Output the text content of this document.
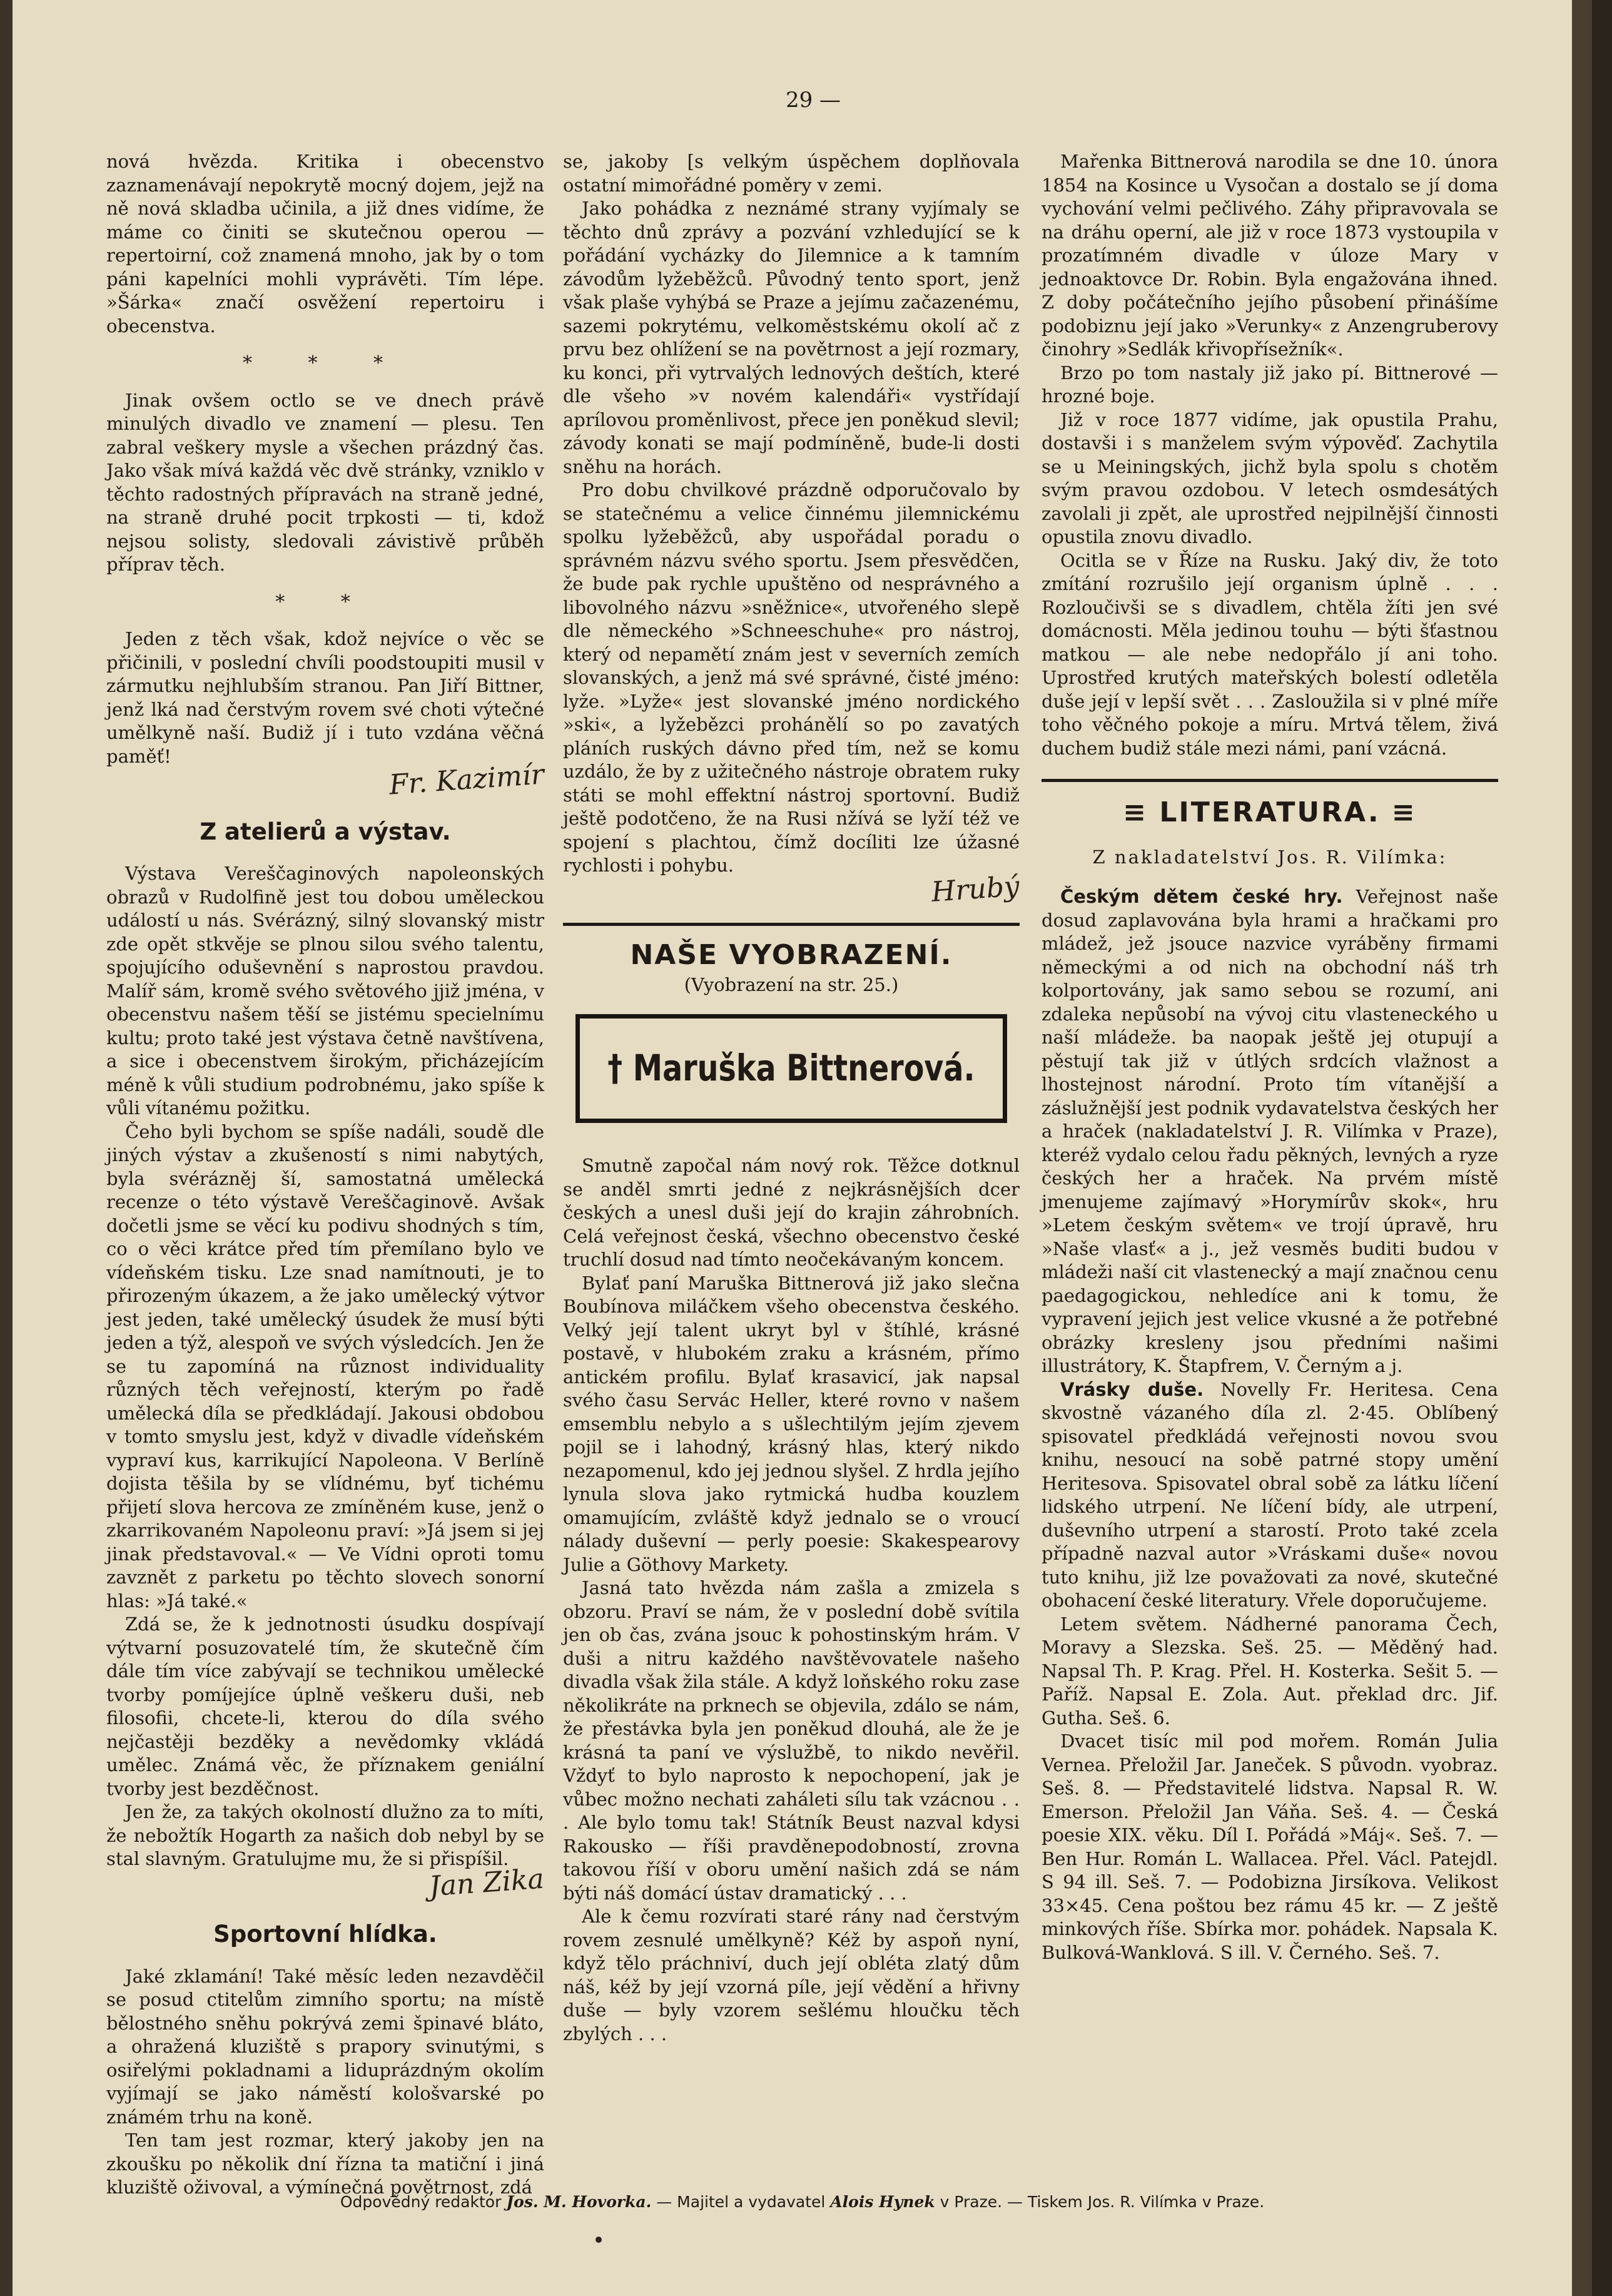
29 —

nová hvězda. Kritika i obecenstvo zaznamenávají nepokrytě mocný dojem, jejž na ně nová skladba učinila, a již dnes vidíme, že máme co činiti se skutečnou operou — repertoirní, což znamená mnoho, jak by o tom páni kapelníci mohli vyprávěti. Tím lépe. »Šárka« značí osvěžení repertoiru i obecenstva.

* * *

Jinak ovšem octlo se ve dnech právě minulých divadlo ve znamení — plesu. Ten zabral veškery mysle a všechen prázdný čas. Jako však mívá každá věc dvě stránky, vzniklo v těchto radostných přípravách na straně jedné, na straně druhé pocit trpkosti — ti, kdož nejsou solisty, sledovali závistivě průběh příprav těch.

* *

Jeden z těch však, kdož nejvíce o věc se přičinili, v poslední chvíli poodstoupiti musil v zármutku nejhlubším stranou. Pan Jiří Bittner, jenž lká nad čerstvým rovem své choti výtečné umělkyně naší. Budiž jí i tuto vzdána věčná paměť!

Fr. Kazimír
Z atelierů a výstav.

Výstava Vereščaginových napoleonských obrazů v Rudolfině jest tou dobou uměleckou událostí u nás. Svérázný, silný slovanský mistr zde opět stkvěje se plnou silou svého talentu, spojujícího oduševnění s naprostou pravdou. Malíř sám, kromě svého světového jjiž jména, v obecenstvu našem těší se jistému specielnímu kultu; proto také jest výstava četně navštívena, a sice i obecenstvem širokým, přicházejícím méně k vůli studium podrobnému, jako spíše k vůli vítanému požitku.

Čeho byli bychom se spíše nadáli, soudě dle jiných výstav a zkušeností s nimi nabytých, byla svérázněj ší, samostatná umělecká recenze o této výstavě Vereščaginově. Avšak dočetli jsme se věcí ku podivu shodných s tím, co o věci krátce před tím přemílano bylo ve vídeňském tisku. Lze snad namítnouti, je to přirozeným úkazem, a že jako umělecký výtvor jest jeden, také umělecký úsudek že musí býti jeden a týž, alespoň ve svých výsledcích. Jen že se tu zapomíná na různost individuality různých těch veřejností, kterým po řadě umělecká díla se předkládají. Jakousi obdobou v tomto smyslu jest, když v divadle vídeňském vypraví kus, karrikující Napoleona. V Berlíně dojista těšila by se vlídnému, byť tichému přijetí slova hercova ze zmíněném kuse, jenž o zkarrikovaném Napoleonu praví: »Já jsem si jej jinak představoval.« — Ve Vídni oproti tomu zavznět z parketu po těchto slovech sonorní hlas: »Já také.«

Zdá se, že k jednotnosti úsudku dospívají výtvarní posuzovatelé tím, že skutečně čím dále tím více zabývají se technikou umělecké tvorby pomíjejíce úplně veškeru duši, neb filosofii, chcete-li, kterou do díla svého nejčastěji bezděky a nevědomky vkládá umělec. Známá věc, že příznakem geniální tvorby jest bezděčnost.

Jen že, za takých okolností dlužno za to míti, že nebožtík Hogarth za našich dob nebyl by se stal slavným. Gratulujme mu, že si přispíšil.

Jan Zika
Sportovní hlídka.

Jaké zklamání! Také měsíc leden nezavděčil se posud ctitelům zimního sportu; na místě bělostného sněhu pokrývá zemi špinavé bláto, a ohražená kluziště s prapory svinutými, s osiřelými pokladnami a liduprázdným okolím vyjímají se jako náměstí kološvarské po známém trhu na koně.

Ten tam jest rozmar, který jakoby jen na zkoušku po několik dní řízna ta matiční i jiná kluziště oživoval, a výmínečná povětrnost, zdá

se, jakoby [s velkým úspěchem doplňovala ostatní mimořádné poměry v zemi.

Jako pohádka z neznámé strany vyjímaly se těchto dnů zprávy a pozvání vzhledující se k pořádání vycházky do Jilemnice a k tamním závodům lyžeběžců. Původný tento sport, jenž však plaše vyhýbá se Praze a jejímu začazenému, sazemi pokrytému, velkoměstskému okolí ač z prvu bez ohlížení se na povětrnost a její rozmary, ku konci, při vytrvalých lednových deštích, které dle všeho »v novém kalendáři« vystřídají aprílovou proměnlivost, přece jen poněkud slevil; závody konati se mají podmíněně, bude-li dosti sněhu na horách.

Pro dobu chvilkové prázdně odporučovalo by se statečnému a velice činnému jilemnickému spolku lyžeběžců, aby uspořádal poradu o správném názvu svého sportu. Jsem přesvědčen, že bude pak rychle upuštěno od nesprávného a libovolného názvu »sněžnice«, utvořeného slepě dle německého »Schneeschuhe« pro nástroj, který od nepamětí znám jest v severních zemích slovanských, a jenž má své správné, čisté jméno: lyže. »Lyže« jest slovanské jméno nordického »ski«, a lyžebězci prohánělí so po zavatých pláních ruských dávno před tím, než se komu uzdálo, že by z užitečného nástroje obratem ruky státi se mohl effektní nástroj sportovní. Budiž ještě podotčeno, že na Rusi nžívá se lyží též ve spojení s plachtou, čímž docíliti lze úžasné rychlosti i pohybu.

Hrubý
NAŠE VYOBRAZENÍ.
(Vyobrazení na str. 25.)
† Maruška Bittnerová.

Smutně započal nám nový rok. Těžce dotknul se anděl smrti jedné z nejkrásnějších dcer českých a unesl duši její do krajin záhrobních. Celá veřejnost česká, všechno obecenstvo české truchlí dosud nad tímto neočekávaným koncem.

Bylať paní Maruška Bittnerová již jako slečna Boubínova miláčkem všeho obecenstva českého. Velký její talent ukryt byl v štíhlé, krásné postavě, v hlubokém zraku a krásném, přímo antickém profilu. Bylať krasavicí, jak napsal svého času Servác Heller, které rovno v našem emsemblu nebylo a s ušlechtilým jejím zjevem pojil se i lahodný, krásný hlas, který nikdo nezapomenul, kdo jej jednou slyšel. Z hrdla jejího lynula slova jako rytmická hudba kouzlem omamujícím, zvláště když jednalo se o vroucí nálady duševní — perly poesie: Skakespearovy Julie a Göthovy Markety.

Jasná tato hvězda nám zašla a zmizela s obzoru. Praví se nám, že v poslední době svítila jen ob čas, zvána jsouc k pohostinským hrám. V duši a nitru každého navštěvovatele našeho divadla však žila stále. A když loňského roku zase několikráte na prknech se objevila, zdálo se nám, že přestávka byla jen poněkud dlouhá, ale že je krásná ta paní ve výslužbě, to nikdo nevěřil. Vždyť to bylo naprosto k nepochopení, jak je vůbec možno nechati zaháleti sílu tak vzácnou . . . Ale bylo tomu tak! Státník Beust nazval kdysi Rakousko — říši pravděnepodobností, zrovna takovou říší v oboru umění našich zdá se nám býti náš domácí ústav dramatický . . .

Ale k čemu rozvírati staré rány nad čerstvým rovem zesnulé umělkyně? Kéž by aspoň nyní, když tělo práchniví, duch její obléta zlatý dům náš, kéž by její vzorná píle, její vědění a hřivny duše — byly vzorem sešlému hloučku těch zbylých . . .

Mařenka Bittnerová narodila se dne 10. února 1854 na Kosince u Vysočan a dostalo se jí doma vychování velmi pečlivého. Záhy připravovala se na dráhu operní, ale již v roce 1873 vystoupila v prozatímném divadle v úloze Mary v jednoaktovce Dr. Robin. Byla engažována ihned. Z doby počátečního jejího působení přinášíme podobiznu její jako »Verunky« z Anzengruberovy činohry »Sedlák křivopřísežník«.

Brzo po tom nastaly již jako pí. Bittnerové — hrozné boje.

Již v roce 1877 vidíme, jak opustila Prahu, dostavši i s manželem svým výpověď. Zachytila se u Meiningských, jichž byla spolu s chotěm svým pravou ozdobou. V letech osmdesátých zavolali ji zpět, ale uprostřed nejpilnější činnosti opustila znovu divadlo.

Ocitla se v Říze na Rusku. Jaký div, že toto zmítání rozrušilo její organism úplně . . . Rozloučivši se s divadlem, chtěla žíti jen své domácnosti. Měla jedinou touhu — býti šťastnou matkou — ale nebe nedopřálo jí ani toho. Uprostřed krutých mateřských bolestí odletěla duše její v lepší svět . . . Zasloužila si v plné míře toho věčného pokoje a míru. Mrtvá tělem, živá duchem budiž stále mezi námi, paní vzácná.

≡ LITERATURA. ≡
Z nakladatelství Jos. R. Vilímka:

Českým dětem české hry. Veřejnost naše dosud zaplavována byla hrami a hračkami pro mládež, jež jsouce nazvice vyráběny firmami německými a od nich na obchodní náš trh kolportovány, jak samo sebou se rozumí, ani zdaleka nepůsobí na vývoj citu vlasteneckého u naší mládeže. ba naopak ještě jej otupují a pěstují tak již v útlých srdcích vlažnost a lhostejnost národní. Proto tím vítanější a záslužnější jest podnik vydavatelstva českých her a hraček (nakladatelství J. R. Vilímka v Praze), kteréž vydalo celou řadu pěkných, levných a ryze českých her a hraček. Na prvém místě jmenujeme zajímavý »Horymírův skok«, hru »Letem českým světem« ve trojí úpravě, hru »Naše vlasť« a j., jež vesměs buditi budou v mládeži naší cit vlastenecký a mají značnou cenu paedagogickou, nehledíce ani k tomu, že vypravení jejich jest velice vkusné a že potřebné obrázky kresleny jsou předními našimi illustrátory, K. Štapfrem, V. Černým a j.

Vrásky duše. Novelly Fr. Heritesa. Cena skvostně vázaného díla zl. 2·45. Oblíbený spisovatel předkládá veřejnosti novou svou knihu, nesoucí na sobě patrné stopy umění Heritesova. Spisovatel obral sobě za látku líčení lidského utrpení. Ne líčení bídy, ale utrpení, duševního utrpení a starostí. Proto také zcela případně nazval autor »Vráskami duše« novou tuto knihu, již lze považovati za nové, skutečné obohacení české literatury. Vřele doporučujeme.

Letem světem. Nádherné panorama Čech, Moravy a Slezska. Seš. 25. — Měděný had. Napsal Th. P. Krag. Přel. H. Kosterka. Sešit 5. — Paříž. Napsal E. Zola. Aut. překlad drc. Jif. Gutha. Seš. 6.

Dvacet tisíc mil pod mořem. Román Julia Vernea. Přeložil Jar. Janeček. S původn. vyobraz. Seš. 8. — Představitelé lidstva. Napsal R. W. Emerson. Přeložil Jan Váňa. Seš. 4. — Česká poesie XIX. věku. Díl I. Pořádá »Máj«. Seš. 7. — Ben Hur. Román L. Wallacea. Přel. Václ. Patejdl. S 94 ill. Seš. 7. — Podobizna Jirsíkova. Velikost 33×45. Cena poštou bez rámu 45 kr. — Z ještě minkových říše. Sbírka mor. pohádek. Napsala K. Bulková-Wanklová. S ill. V. Černého. Seš. 7.

Odpovědný redaktor Jos. M. Hovorka. — Majitel a vydavatel Alois Hynek v Praze. — Tiskem Jos. R. Vilímka v Praze.
